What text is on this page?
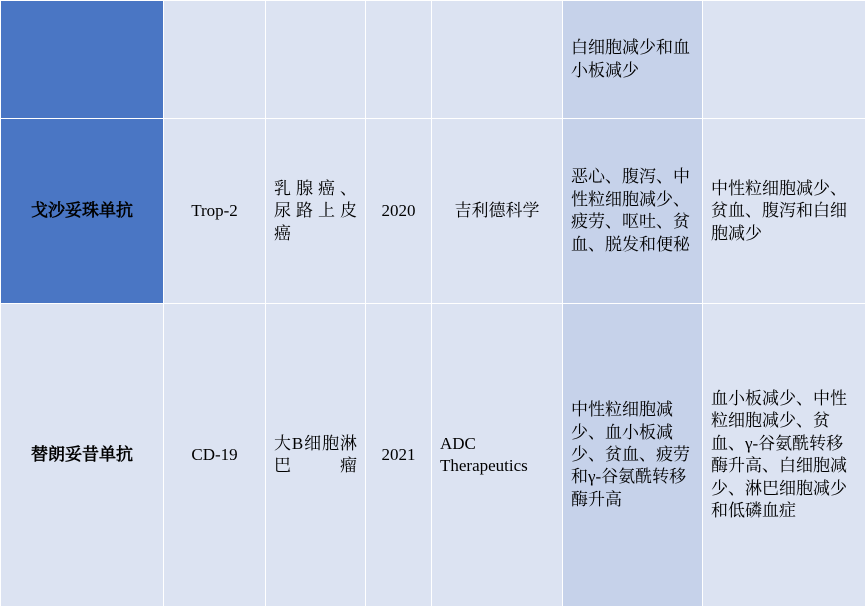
					白细胞减少和血小板减少	
戈沙妥珠单抗	Trop-2	乳腺癌、尿路上皮癌	2020	吉利德科学	恶心、腹泻、中性粒细胞减少、疲劳、呕吐、贫血、脱发和便秘	中性粒细胞减少、贫血、腹泻和白细胞减少
替朗妥昔单抗	CD-19	大B细胞淋巴瘤	2021	ADC Therapeutics	中性粒细胞减少、血小板减少、贫血、疲劳和γ-谷氨酰转移酶升高	血小板减少、中性粒细胞减少、贫血、γ-谷氨酰转移酶升高、白细胞减少、淋巴细胞减少和低磷血症
